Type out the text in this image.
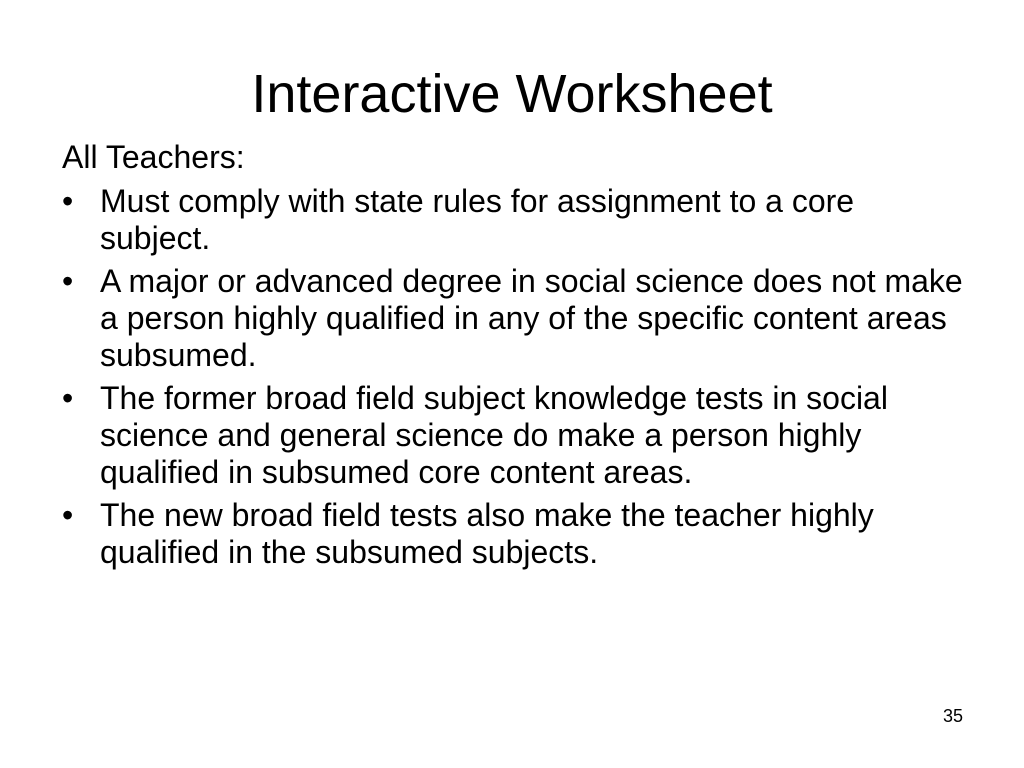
Interactive Worksheet

All Teachers:

• Must comply with state rules for assignment to a core subject.
• A major or advanced degree in social science does not make a person highly qualified in any of the specific content areas subsumed.
• The former broad field subject knowledge tests in social science and general science do make a person highly qualified in subsumed core content areas.
• The new broad field tests also make the teacher highly qualified in the subsumed subjects.
35
